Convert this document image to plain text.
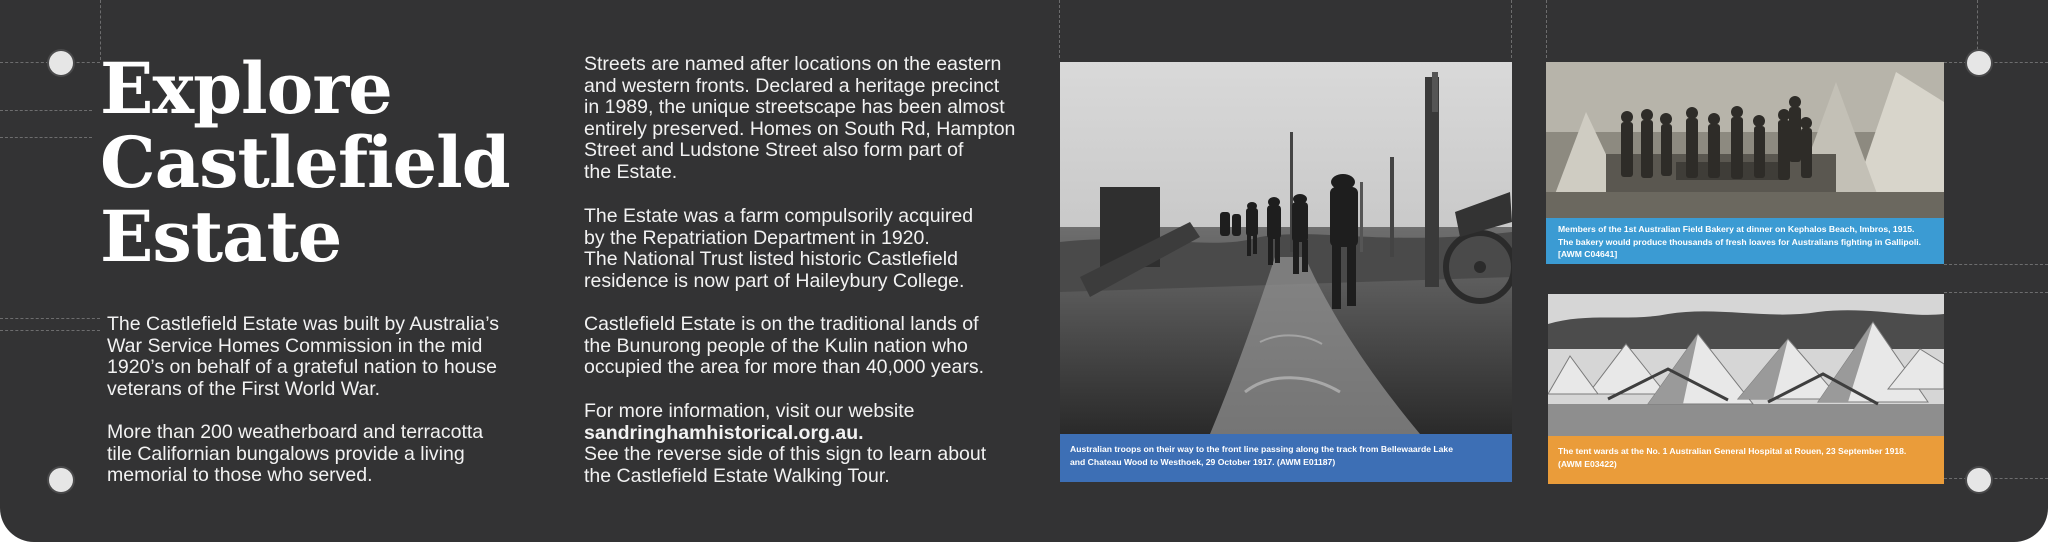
Explore
Castlefield
Estate

The Castlefield Estate was built by Australia’s
War Service Homes Commission in the mid
1920’s on behalf of a grateful nation to house
veterans of the First World War.

More than 200 weatherboard and terracotta
tile Californian bungalows provide a living
memorial to those who served.

Streets are named after locations on the eastern
and western fronts. Declared a heritage precinct
in 1989, the unique streetscape has been almost
entirely preserved. Homes on South Rd, Hampton
Street and Ludstone Street also form part of
the Estate.

The Estate was a farm compulsorily acquired
by the Repatriation Department in 1920.
The National Trust listed historic Castlefield
residence is now part of Haileybury College.

Castlefield Estate is on the traditional lands of
the Bunurong people of the Kulin nation who
occupied the area for more than 40,000 years.

For more information, visit our website
sandringhamhistorical.org.au.
See the reverse side of this sign to learn about
the Castlefield Estate Walking Tour.

Australian troops on their way to the front line passing along the track from Bellewaarde Lake
and Chateau Wood to Westhoek, 29 October 1917. (AWM E01187)
Members of the 1st Australian Field Bakery at dinner on Kephalos Beach, Imbros, 1915.
The bakery would produce thousands of fresh loaves for Australians fighting in Gallipoli.
[AWM C04641]
The tent wards at the No. 1 Australian General Hospital at Rouen, 23 September 1918.
(AWM E03422)
